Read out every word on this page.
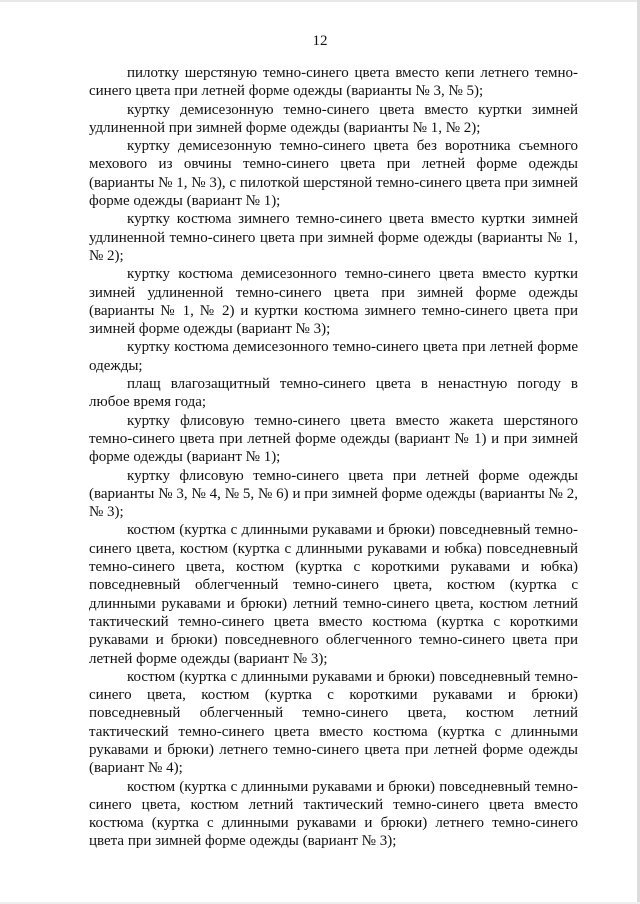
12

пилотку шерстяную темно-синего цвета вместо кепи летнего темно-синего цвета при летней форме одежды (варианты № 3, № 5);

куртку демисезонную темно-синего цвета вместо куртки зимней удлиненной при зимней форме одежды (варианты № 1, № 2);

куртку демисезонную темно-синего цвета без воротника съемного мехового из овчины темно-синего цвета при летней форме одежды (варианты № 1, № 3), с пилоткой шерстяной темно-синего цвета при зимней форме одежды (вариант № 1);

куртку костюма зимнего темно-синего цвета вместо куртки зимней удлиненной темно-синего цвета при зимней форме одежды (варианты № 1, № 2);

куртку костюма демисезонного темно-синего цвета вместо куртки зимней удлиненной темно-синего цвета при зимней форме одежды (варианты № 1, № 2) и куртки костюма зимнего темно-синего цвета при зимней форме одежды (вариант № 3);

куртку костюма демисезонного темно-синего цвета при летней форме одежды;

плащ влагозащитный темно-синего цвета в ненастную погоду в любое время года;

куртку флисовую темно-синего цвета вместо жакета шерстяного темно-синего цвета при летней форме одежды (вариант № 1) и при зимней форме одежды (вариант № 1);

куртку флисовую темно-синего цвета при летней форме одежды (варианты № 3, № 4, № 5, № 6) и при зимней форме одежды (варианты № 2, № 3);

костюм (куртка с длинными рукавами и брюки) повседневный темно-синего цвета, костюм (куртка с длинными рукавами и юбка) повседневный темно-синего цвета, костюм (куртка с короткими рукавами и юбка) повседневный облегченный темно-синего цвета, костюм (куртка с длинными рукавами и брюки) летний темно-синего цвета, костюм летний тактический темно-синего цвета вместо костюма (куртка с короткими рукавами и брюки) повседневного облегченного темно-синего цвета при летней форме одежды (вариант № 3);

костюм (куртка с длинными рукавами и брюки) повседневный темно-синего цвета, костюм (куртка с короткими рукавами и брюки) повседневный облегченный темно-синего цвета, костюм летний тактический темно-синего цвета вместо костюма (куртка с длинными рукавами и брюки) летнего темно-синего цвета при летней форме одежды (вариант № 4);

костюм (куртка с длинными рукавами и брюки) повседневный темно-синего цвета, костюм летний тактический темно-синего цвета вместо костюма (куртка с длинными рукавами и брюки) летнего темно-синего цвета при зимней форме одежды (вариант № 3);
